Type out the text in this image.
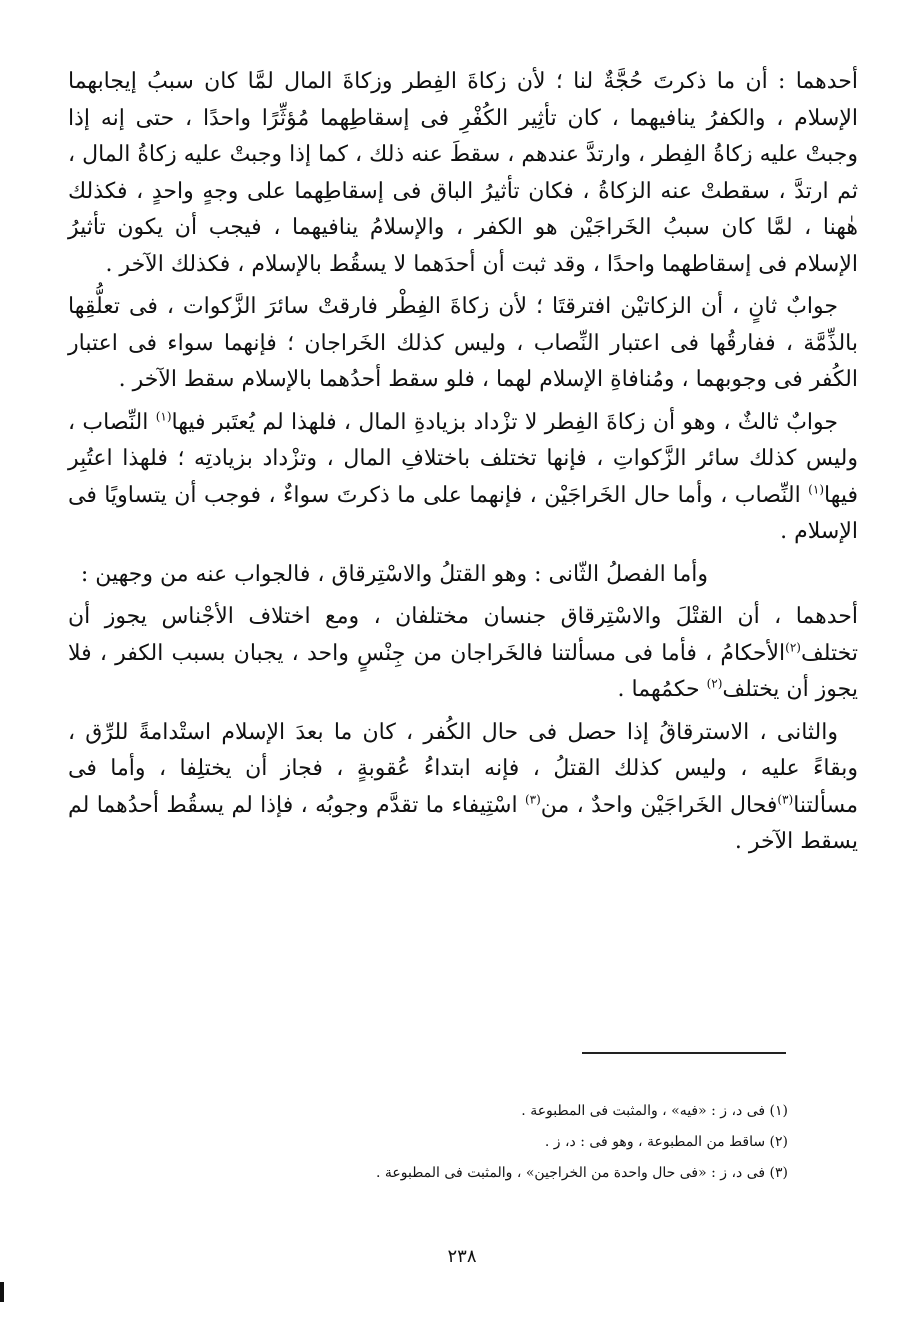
أحدهما : أن ما ذكرتَ حُجَّةٌ لنا ؛ لأن زكاةَ الفِطر وزكاةَ المال لمَّا كان سببُ إيجابهما الإسلام ، والكفرُ ينافيهما ، كان تأثِير الكُفْرِ فى إسقاطِهما مُؤثِّرًا واحدًا ، حتى إنه إذا وجبتْ عليه زكاةُ الفِطر ، وارتدَّ عندهم ، سقطَ عنه ذلك ، كما إذا وجبتْ عليه زكاةُ المال ، ثم ارتدَّ ، سقطتْ عنه الزكاةُ ، فكان تأثيرُ الباق فى إسقاطِهما على وجهٍ واحدٍ ، فكذلك هٰهنا ، لمَّا كان سببُ الخَراجَيْن هو الكفر ، والإسلامُ ينافيهما ، فيجب أن يكون تأثيرُ الإسلام فى إسقاطهما واحدًا ، وقد ثبت أن أحدَهما لا يسقُط بالإسلام ، فكذلك الآخر .

جوابٌ ثانٍ ، أن الزكاتيْن افترقتَا ؛ لأن زكاةَ الفِطْر فارقتْ سائرَ الزَّكوات ، فى تعلُّقِها بالذِّمَّة ، ففارقُها فى اعتبار النِّصاب ، وليس كذلك الخَراجان ؛ فإنهما سواء فى اعتبار الكُفر فى وجوبهما ، ومُنافاةِ الإسلام لهما ، فلو سقط أحدُهما بالإسلام سقط الآخر .

جوابٌ ثالثٌ ، وهو أن زكاةَ الفِطر لا تزْداد بزيادةِ المال ، فلهذا لم يُعتَبر فيها$^{(١)}$ النِّصاب ، وليس كذلك سائر الزَّكواتِ ، فإنها تختلف باختلافِ المال ، وتزْداد بزيادتِه ؛ فلهذا اعتُبِر فيها$^{(١)}$ النِّصاب ، وأما حال الخَراجَيْن ، فإنهما على ما ذكرتَ سواءٌ ، فوجب أن يتساويًا فى الإسلام .

وأما الفصلُ الثّانى : وهو القتلُ والاسْتِرقاق ، فالجواب عنه من وجهين :

أحدهما ، أن القتْلَ والاسْتِرقاق جنسان مختلفان ، ومع اختلاف الأجْناس يجوز أن تختلف$^{(٢)}$الأحكامُ ، فأما فى مسألتنا فالخَراجان من جِنْسٍ واحد ، يجبان بسبب الكفر ، فلا يجوز أن يختلف$^{(٢)}$ حكمُهما .

والثانى ، الاسترقاقُ إذا حصل فى حال الكُفر ، كان ما بعدَ الإسلام استْدامةً للرِّق ، وبقاءً عليه ، وليس كذلك القتلُ ، فإنه ابتداءُ عُقوبةٍ ، فجاز أن يختلِفا ، وأما فى مسألتنا$^{(٣)}$فحال الخَراجَيْن واحدٌ ، من$^{(٣)}$ اسْتِيفاء ما تقدَّم وجوبُه ، فإذا لم يسقُط أحدُهما لم يسقط الآخر .

(١) فى د، ز : «فيه» ، والمثبت فى المطبوعة .
(٢) ساقط من المطبوعة ، وهو فى : د، ز .
(٣) فى د، ز : «فى حال واحدة من الخراجين» ، والمثبت فى المطبوعة .
٢٣٨
